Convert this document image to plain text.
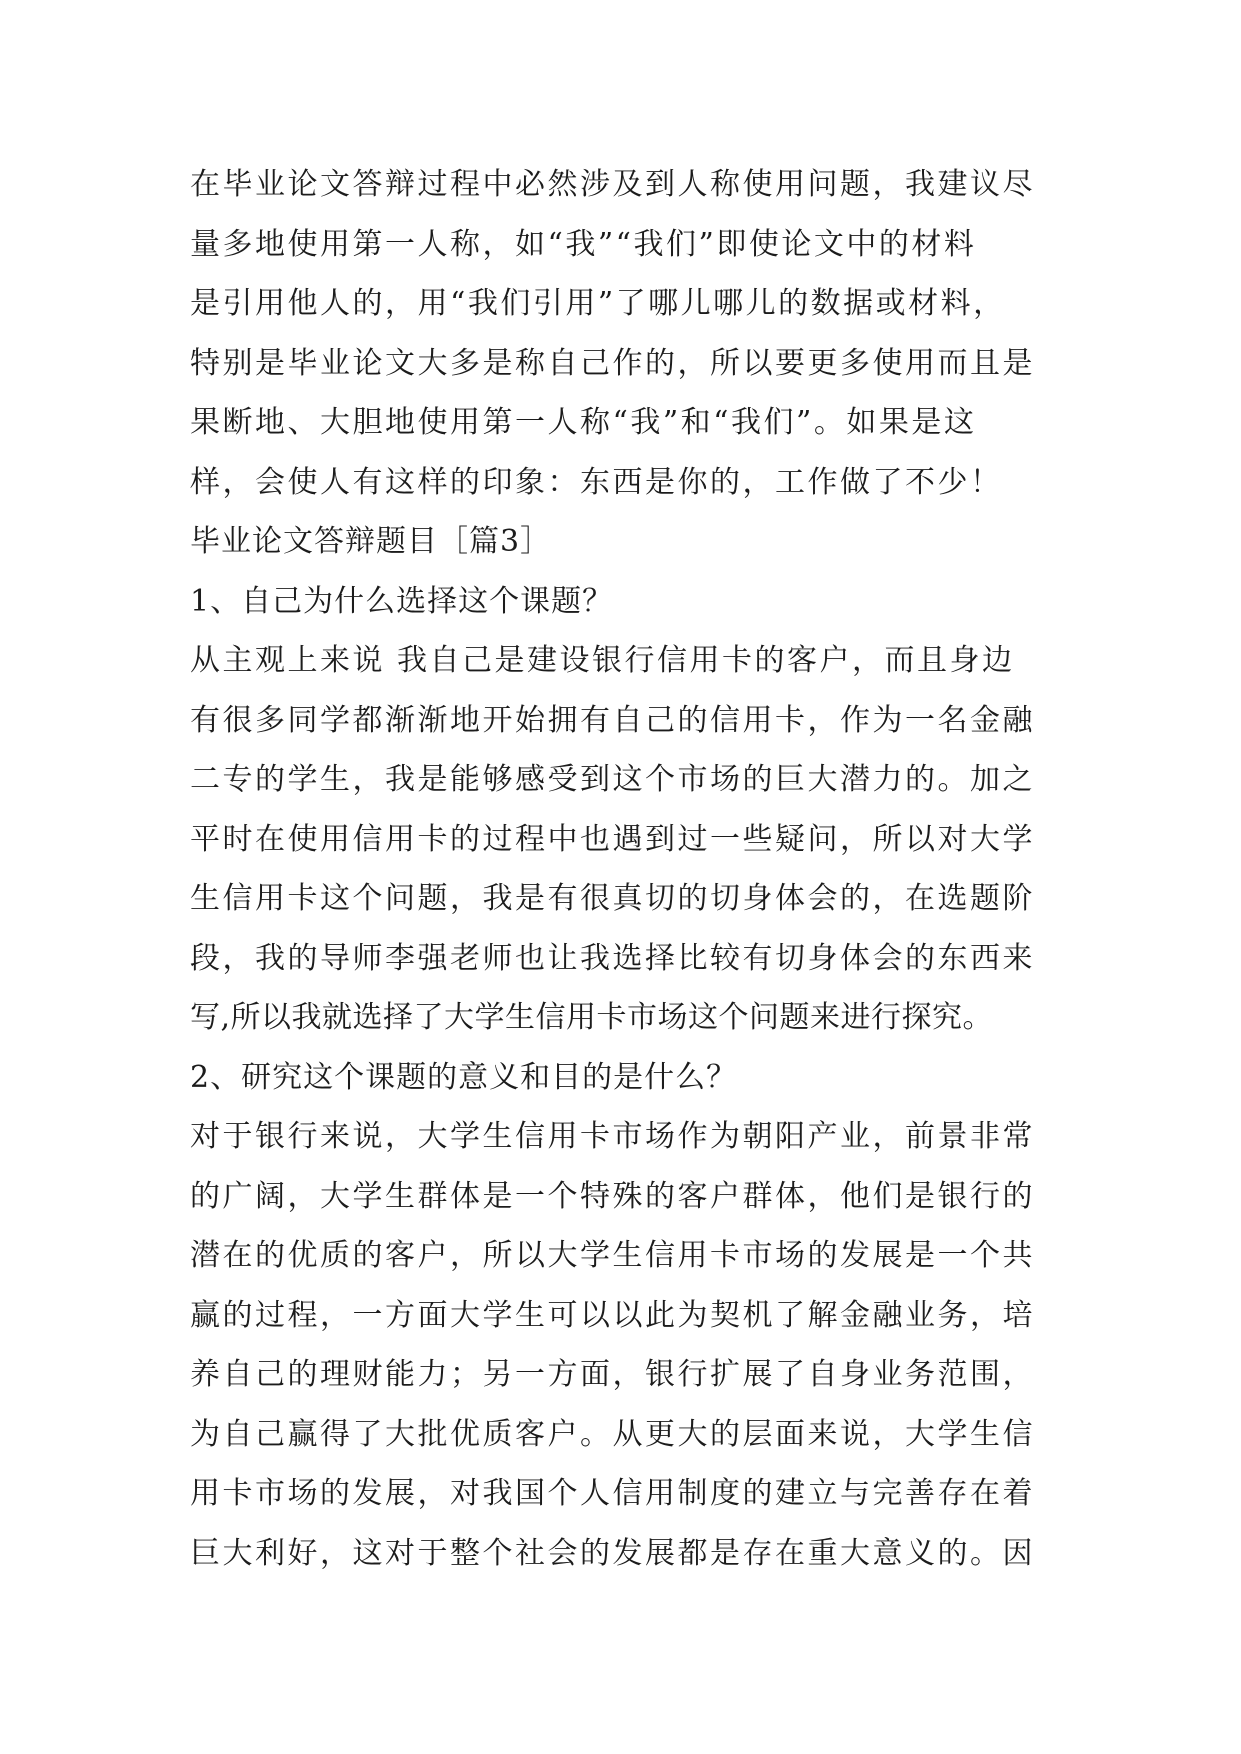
在毕业论文答辩过程中必然涉及到人称使用问题，我建议尽
量多地使用第一人称，如“我”“我们”即使论文中的材料
是引用他人的，用“我们引用”了哪儿哪儿的数据或材料，
特别是毕业论文大多是称自己作的，所以要更多使用而且是
果断地、大胆地使用第一人称“我”和“我们”。如果是这
样，会使人有这样的印象：东西是你的，工作做了不少！
毕业论文答辩题目［篇3］
1、自己为什么选择这个课题？
从主观上来说 我自己是建设银行信用卡的客户，而且身边
有很多同学都渐渐地开始拥有自己的信用卡，作为一名金融
二专的学生，我是能够感受到这个市场的巨大潜力的。加之
平时在使用信用卡的过程中也遇到过一些疑问，所以对大学
生信用卡这个问题，我是有很真切的切身体会的，在选题阶
段，我的导师李强老师也让我选择比较有切身体会的东西来
写,所以我就选择了大学生信用卡市场这个问题来进行探究。
2、研究这个课题的意义和目的是什么？
对于银行来说，大学生信用卡市场作为朝阳产业，前景非常
的广阔，大学生群体是一个特殊的客户群体，他们是银行的
潜在的优质的客户，所以大学生信用卡市场的发展是一个共
赢的过程，一方面大学生可以以此为契机了解金融业务，培
养自己的理财能力；另一方面，银行扩展了自身业务范围，
为自己赢得了大批优质客户。从更大的层面来说，大学生信
用卡市场的发展，对我国个人信用制度的建立与完善存在着
巨大利好，这对于整个社会的发展都是存在重大意义的。因
